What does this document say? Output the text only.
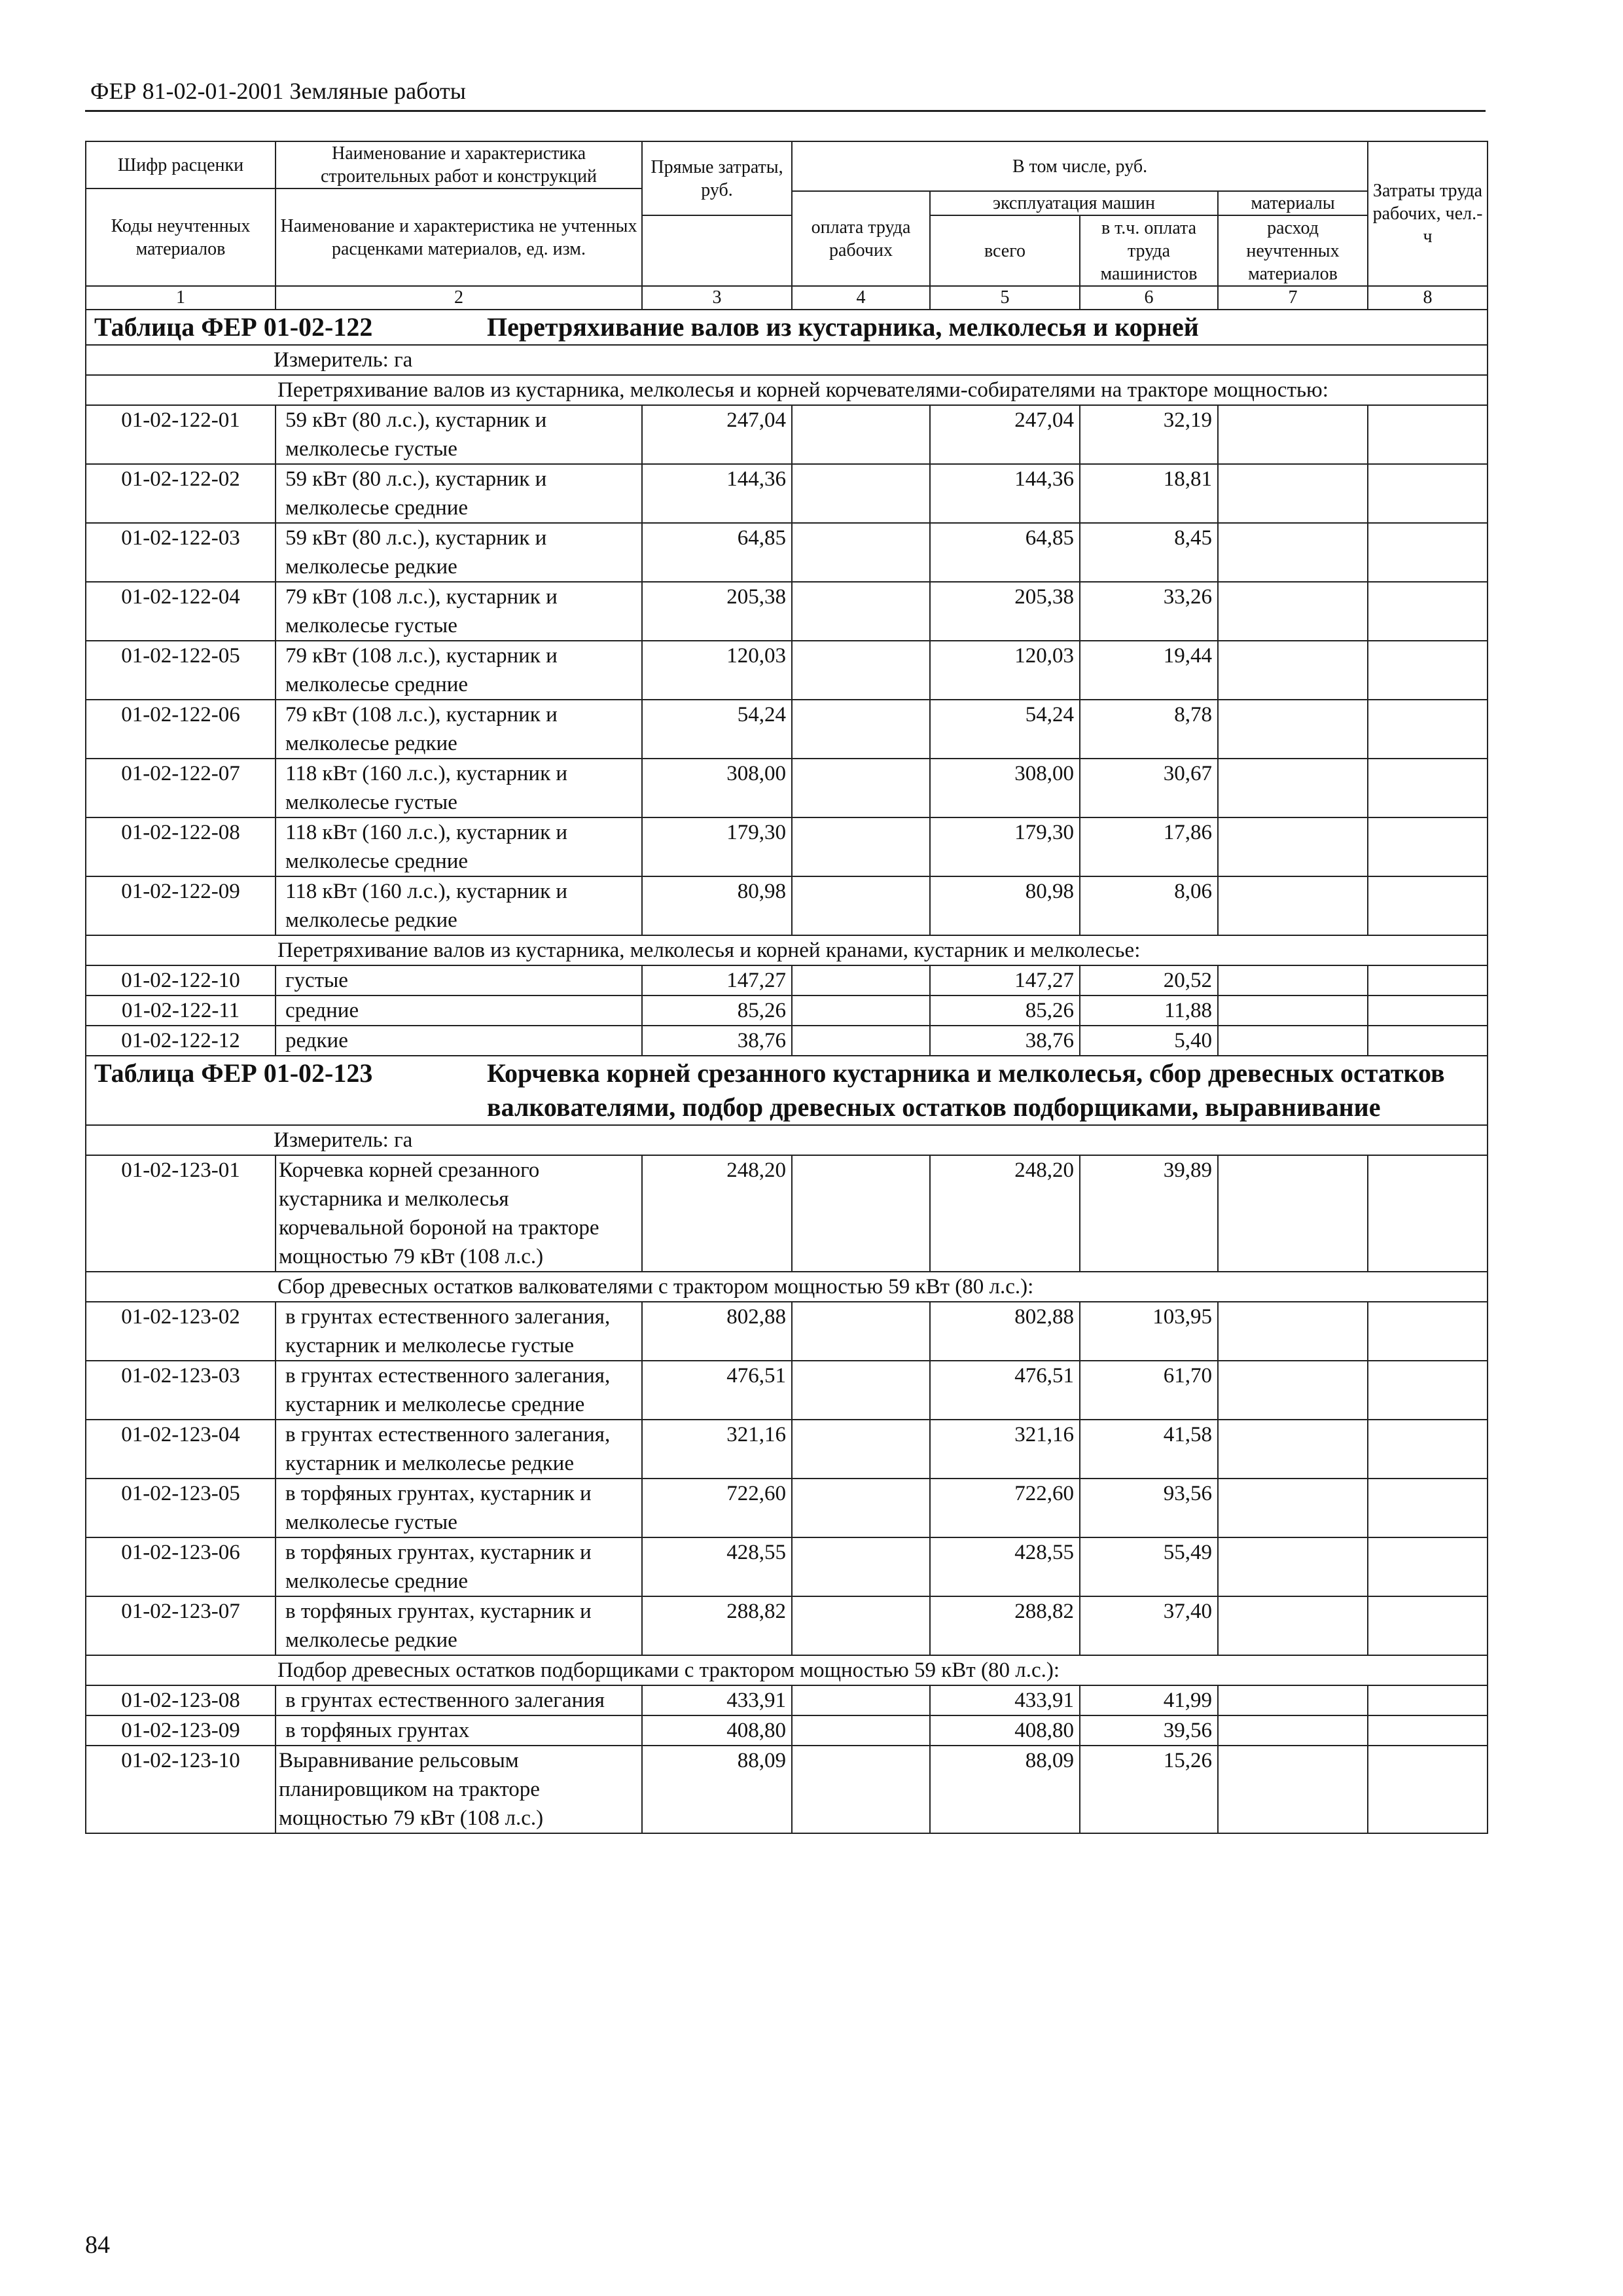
ФЕР 81-02-01-2001 Земляные работы
Шифр расценки	Наименование и характеристика строительных работ и конструкций	Прямые затраты, руб.	В том числе, руб.				Затраты труда рабочих, чел.-ч
Коды неучтенных материалов	Наименование и характеристика не учтенных расценками материалов, ед. изм.						
			оплата труда рабочих	эксплуатация машин		материалы	
				всего	в т.ч. оплата труда машинистов	расход неучтенных материалов	
1	2	3	4	5	6	7	8
Таблица ФЕР 01-02-122 Перетряхивание валов из кустарника, мелколесья и корней							
Измеритель: га							
Перетряхивание валов из кустарника, мелколесья и корней корчевателями-собирателями на тракторе мощностью:							
01-02-122-01	59 кВт (80 л.с.), кустарник и мелколесье густые	247,04		247,04	32,19		
01-02-122-02	59 кВт (80 л.с.), кустарник и мелколесье средние	144,36		144,36	18,81		
01-02-122-03	59 кВт (80 л.с.), кустарник и мелколесье редкие	64,85		64,85	8,45		
01-02-122-04	79 кВт (108 л.с.), кустарник и мелколесье густые	205,38		205,38	33,26		
01-02-122-05	79 кВт (108 л.с.), кустарник и мелколесье средние	120,03		120,03	19,44		
01-02-122-06	79 кВт (108 л.с.), кустарник и мелколесье редкие	54,24		54,24	8,78		
01-02-122-07	118 кВт (160 л.с.), кустарник и мелколесье густые	308,00		308,00	30,67		
01-02-122-08	118 кВт (160 л.с.), кустарник и мелколесье средние	179,30		179,30	17,86		
01-02-122-09	118 кВт (160 л.с.), кустарник и мелколесье редкие	80,98		80,98	8,06		
Перетряхивание валов из кустарника, мелколесья и корней кранами, кустарник и мелколесье:							
01-02-122-10	густые	147,27		147,27	20,52		
01-02-122-11	средние	85,26		85,26	11,88		
01-02-122-12	редкие	38,76		38,76	5,40		
Таблица ФЕР 01-02-123 Корчевка корней срезанного кустарника и мелколесья, сбор древесных остатков валкователями, подбор древесных остатков подборщиками, выравнивание							
Измеритель: га							
01-02-123-01	Корчевка корней срезанного кустарника и мелколесья корчевальной бороной на тракторе мощностью 79 кВт (108 л.с.)	248,20		248,20	39,89		
Сбор древесных остатков валкователями с трактором мощностью 59 кВт (80 л.с.):							
01-02-123-02	в грунтах естественного залегания, кустарник и мелколесье густые	802,88		802,88	103,95		
01-02-123-03	в грунтах естественного залегания, кустарник и мелколесье средние	476,51		476,51	61,70		
01-02-123-04	в грунтах естественного залегания, кустарник и мелколесье редкие	321,16		321,16	41,58		
01-02-123-05	в торфяных грунтах, кустарник и мелколесье густые	722,60		722,60	93,56		
01-02-123-06	в торфяных грунтах, кустарник и мелколесье средние	428,55		428,55	55,49		
01-02-123-07	в торфяных грунтах, кустарник и мелколесье редкие	288,82		288,82	37,40		
Подбор древесных остатков подборщиками с трактором мощностью 59 кВт (80 л.с.):							
01-02-123-08	в грунтах естественного залегания	433,91		433,91	41,99		
01-02-123-09	в торфяных грунтах	408,80		408,80	39,56		
01-02-123-10	Выравнивание рельсовым планировщиком на тракторе мощностью 79 кВт (108 л.с.)	88,09		88,09	15,26		
84
